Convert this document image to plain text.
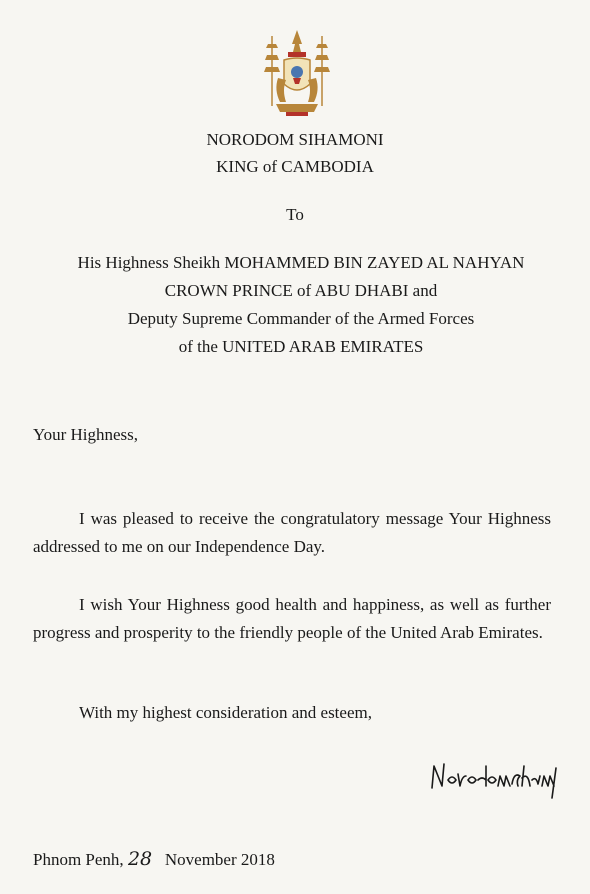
NORODOM SIHAMONI
KING of CAMBODIA
To
His Highness Sheikh MOHAMMED BIN ZAYED AL NAHYAN
CROWN PRINCE of ABU DHABI and
Deputy Supreme Commander of the Armed Forces
of the UNITED ARAB EMIRATES
Your Highness,
I was pleased to receive the congratulatory message Your Highness addressed to me on our Independence Day.
I wish Your Highness good health and happiness, as well as further progress and prosperity to the friendly people of the United Arab Emirates.
With my highest consideration and esteem,
Phnom Penh, 28 November 2018
